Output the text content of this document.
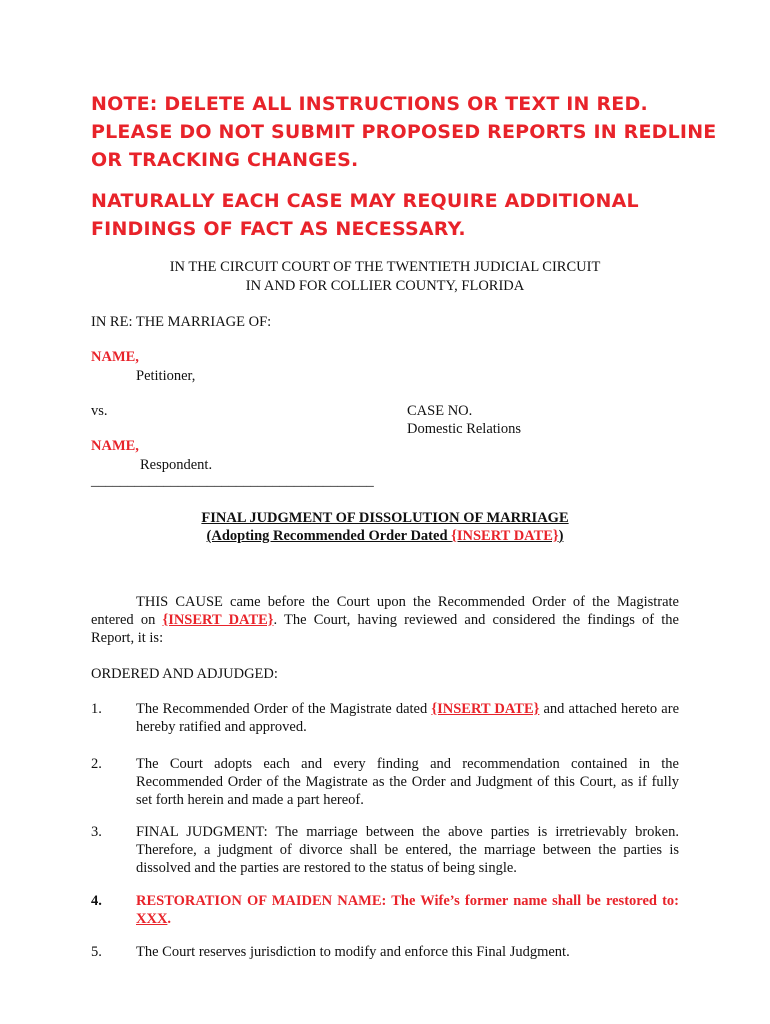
NOTE: DELETE ALL INSTRUCTIONS OR TEXT IN RED. PLEASE DO NOT SUBMIT PROPOSED REPORTS IN REDLINE OR TRACKING CHANGES.
NATURALLY EACH CASE MAY REQUIRE ADDITIONAL FINDINGS OF FACT AS NECESSARY.
IN THE CIRCUIT COURT OF THE TWENTIETH JUDICIAL CIRCUIT
IN AND FOR COLLIER COUNTY, FLORIDA
IN RE: THE MARRIAGE OF:
NAME,
Petitioner,
vs.	CASE NO.
Domestic Relations
NAME,
Respondent.
_______________________________________
FINAL JUDGMENT OF DISSOLUTION OF MARRIAGE
(Adopting Recommended Order Dated {INSERT DATE})
THIS CAUSE came before the Court upon the Recommended Order of the Magistrate entered on {INSERT DATE}. The Court, having reviewed and considered the findings of the Report, it is:
ORDERED AND ADJUDGED:
1. The Recommended Order of the Magistrate dated {INSERT DATE} and attached hereto are hereby ratified and approved.
2. The Court adopts each and every finding and recommendation contained in the Recommended Order of the Magistrate as the Order and Judgment of this Court, as if fully set forth herein and made a part hereof.
3. FINAL JUDGMENT: The marriage between the above parties is irretrievably broken. Therefore, a judgment of divorce shall be entered, the marriage between the parties is dissolved and the parties are restored to the status of being single.
4. RESTORATION OF MAIDEN NAME: The Wife’s former name shall be restored to: XXX.
5. The Court reserves jurisdiction to modify and enforce this Final Judgment.
